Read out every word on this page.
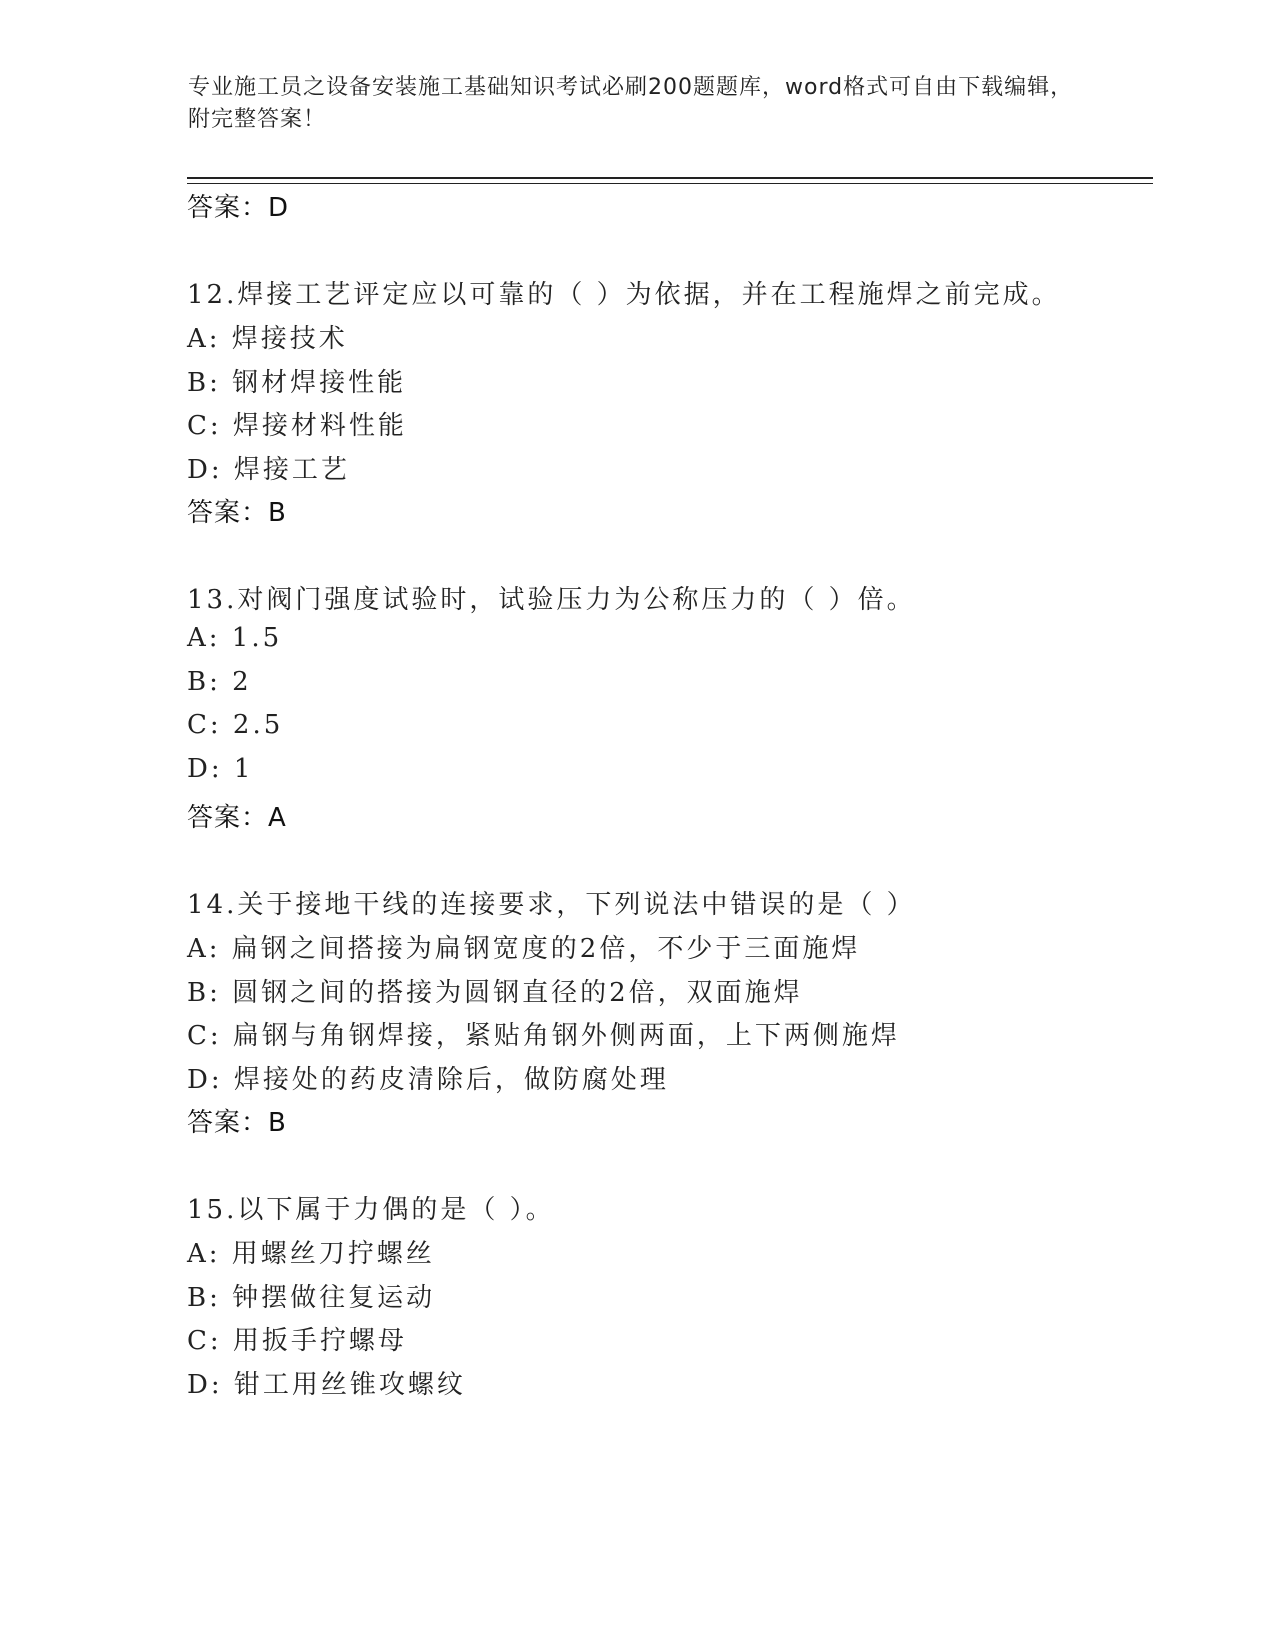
专业施工员之设备安装施工基础知识考试必刷200题题库，word格式可自由下载编辑，附完整答案！
答案：D
12.焊接工艺评定应以可靠的（ ）为依据，并在工程施焊之前完成。
A: 焊接技术
B: 钢材焊接性能
C: 焊接材料性能
D: 焊接工艺
答案：B
13.对阀门强度试验时，试验压力为公称压力的（ ）倍。
A: 1.5
B: 2
C: 2.5
D: 1
答案：A
14.关于接地干线的连接要求，下列说法中错误的是（ ）
A: 扁钢之间搭接为扁钢宽度的2倍，不少于三面施焊
B: 圆钢之间的搭接为圆钢直径的2倍，双面施焊
C: 扁钢与角钢焊接，紧贴角钢外侧两面，上下两侧施焊
D: 焊接处的药皮清除后，做防腐处理
答案：B
15.以下属于力偶的是（ ）。
A: 用螺丝刀拧螺丝
B: 钟摆做往复运动
C: 用扳手拧螺母
D: 钳工用丝锥攻螺纹
